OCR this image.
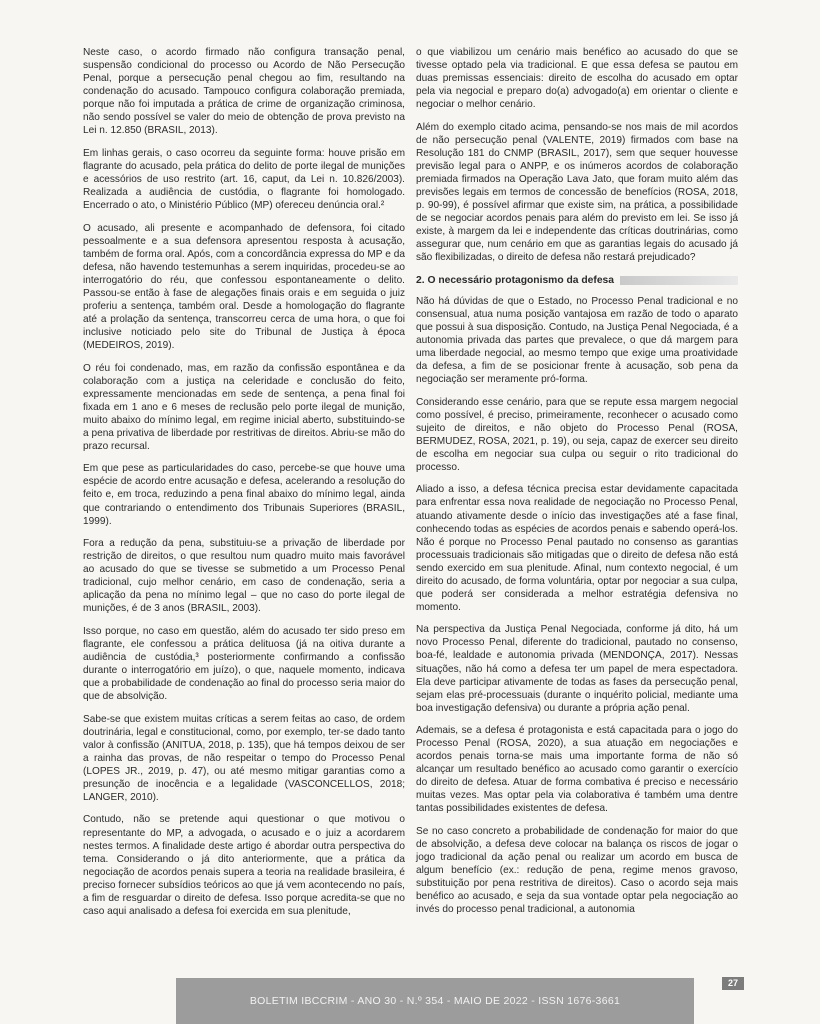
Neste caso, o acordo firmado não configura transação penal, suspensão condicional do processo ou Acordo de Não Persecução Penal, porque a persecução penal chegou ao fim, resultando na condenação do acusado. Tampouco configura colaboração premiada, porque não foi imputada a prática de crime de organização criminosa, não sendo possível se valer do meio de obtenção de prova previsto na Lei n. 12.850 (BRASIL, 2013).

Em linhas gerais, o caso ocorreu da seguinte forma: houve prisão em flagrante do acusado, pela prática do delito de porte ilegal de munições e acessórios de uso restrito (art. 16, caput, da Lei n. 10.826/2003). Realizada a audiência de custódia, o flagrante foi homologado. Encerrado o ato, o Ministério Público (MP) ofereceu denúncia oral.²

O acusado, ali presente e acompanhado de defensora, foi citado pessoalmente e a sua defensora apresentou resposta à acusação, também de forma oral. Após, com a concordância expressa do MP e da defesa, não havendo testemunhas a serem inquiridas, procedeu-se ao interrogatório do réu, que confessou espontaneamente o delito. Passou-se então à fase de alegações finais orais e em seguida o juiz proferiu a sentença, também oral. Desde a homologação do flagrante até a prolação da sentença, transcorreu cerca de uma hora, o que foi inclusive noticiado pelo site do Tribunal de Justiça à época (MEDEIROS, 2019).

O réu foi condenado, mas, em razão da confissão espontânea e da colaboração com a justiça na celeridade e conclusão do feito, expressamente mencionadas em sede de sentença, a pena final foi fixada em 1 ano e 6 meses de reclusão pelo porte ilegal de munição, muito abaixo do mínimo legal, em regime inicial aberto, substituindo-se a pena privativa de liberdade por restritivas de direitos. Abriu-se mão do prazo recursal.

Em que pese as particularidades do caso, percebe-se que houve uma espécie de acordo entre acusação e defesa, acelerando a resolução do feito e, em troca, reduzindo a pena final abaixo do mínimo legal, ainda que contrariando o entendimento dos Tribunais Superiores (BRASIL, 1999).

Fora a redução da pena, substituiu-se a privação de liberdade por restrição de direitos, o que resultou num quadro muito mais favorável ao acusado do que se tivesse se submetido a um Processo Penal tradicional, cujo melhor cenário, em caso de condenação, seria a aplicação da pena no mínimo legal – que no caso do porte ilegal de munições, é de 3 anos (BRASIL, 2003).

Isso porque, no caso em questão, além do acusado ter sido preso em flagrante, ele confessou a prática delituosa (já na oitiva durante a audiência de custódia,³ posteriormente confirmando a confissão durante o interrogatório em juízo), o que, naquele momento, indicava que a probabilidade de condenação ao final do processo seria maior do que de absolvição.

Sabe-se que existem muitas críticas a serem feitas ao caso, de ordem doutrinária, legal e constitucional, como, por exemplo, ter-se dado tanto valor à confissão (ANITUA, 2018, p. 135), que há tempos deixou de ser a rainha das provas, de não respeitar o tempo do Processo Penal (LOPES JR., 2019, p. 47), ou até mesmo mitigar garantias como a presunção de inocência e a legalidade (VASCONCELLOS, 2018; LANGER, 2010).

Contudo, não se pretende aqui questionar o que motivou o representante do MP, a advogada, o acusado e o juiz a acordarem nestes termos. A finalidade deste artigo é abordar outra perspectiva do tema. Considerando o já dito anteriormente, que a prática da negociação de acordos penais supera a teoria na realidade brasileira, é preciso fornecer subsídios teóricos ao que já vem acontecendo no país, a fim de resguardar o direito de defesa. Isso porque acredita-se que no caso aqui analisado a defesa foi exercida em sua plenitude,

o que viabilizou um cenário mais benéfico ao acusado do que se tivesse optado pela via tradicional. E que essa defesa se pautou em duas premissas essenciais: direito de escolha do acusado em optar pela via negocial e preparo do(a) advogado(a) em orientar o cliente e negociar o melhor cenário.

Além do exemplo citado acima, pensando-se nos mais de mil acordos de não persecução penal (VALENTE, 2019) firmados com base na Resolução 181 do CNMP (BRASIL, 2017), sem que sequer houvesse previsão legal para o ANPP, e os inúmeros acordos de colaboração premiada firmados na Operação Lava Jato, que foram muito além das previsões legais em termos de concessão de benefícios (ROSA, 2018, p. 90-99), é possível afirmar que existe sim, na prática, a possibilidade de se negociar acordos penais para além do previsto em lei. Se isso já existe, à margem da lei e independente das críticas doutrinárias, como assegurar que, num cenário em que as garantias legais do acusado já são flexibilizadas, o direito de defesa não restará prejudicado?

2. O necessário protagonismo da defesa

Não há dúvidas de que o Estado, no Processo Penal tradicional e no consensual, atua numa posição vantajosa em razão de todo o aparato que possui à sua disposição. Contudo, na Justiça Penal Negociada, é a autonomia privada das partes que prevalece, o que dá margem para uma liberdade negocial, ao mesmo tempo que exige uma proatividade da defesa, a fim de se posicionar frente à acusação, sob pena da negociação ser meramente pró-forma.

Considerando esse cenário, para que se repute essa margem negocial como possível, é preciso, primeiramente, reconhecer o acusado como sujeito de direitos, e não objeto do Processo Penal (ROSA, BERMUDEZ, ROSA, 2021, p. 19), ou seja, capaz de exercer seu direito de escolha em negociar sua culpa ou seguir o rito tradicional do processo.

Aliado a isso, a defesa técnica precisa estar devidamente capacitada para enfrentar essa nova realidade de negociação no Processo Penal, atuando ativamente desde o início das investigações até a fase final, conhecendo todas as espécies de acordos penais e sabendo operá-los. Não é porque no Processo Penal pautado no consenso as garantias processuais tradicionais são mitigadas que o direito de defesa não está sendo exercido em sua plenitude. Afinal, num contexto negocial, é um direito do acusado, de forma voluntária, optar por negociar a sua culpa, que poderá ser considerada a melhor estratégia defensiva no momento.

Na perspectiva da Justiça Penal Negociada, conforme já dito, há um novo Processo Penal, diferente do tradicional, pautado no consenso, boa-fé, lealdade e autonomia privada (MENDONÇA, 2017). Nessas situações, não há como a defesa ter um papel de mera espectadora. Ela deve participar ativamente de todas as fases da persecução penal, sejam elas pré-processuais (durante o inquérito policial, mediante uma boa investigação defensiva) ou durante a própria ação penal.

Ademais, se a defesa é protagonista e está capacitada para o jogo do Processo Penal (ROSA, 2020), a sua atuação em negociações e acordos penais torna-se mais uma importante forma de não só alcançar um resultado benéfico ao acusado como garantir o exercício do direito de defesa. Atuar de forma combativa é preciso e necessário muitas vezes. Mas optar pela via colaborativa é também uma dentre tantas possibilidades existentes de defesa.

Se no caso concreto a probabilidade de condenação for maior do que de absolvição, a defesa deve colocar na balança os riscos de jogar o jogo tradicional da ação penal ou realizar um acordo em busca de algum benefício (ex.: redução de pena, regime menos gravoso, substituição por pena restritiva de direitos). Caso o acordo seja mais benéfico ao acusado, e seja da sua vontade optar pela negociação ao invés do processo penal tradicional, a autonomia

27
BOLETIM IBCCRIM - ANO 30 - N.º 354 - MAIO DE 2022 - ISSN 1676-3661
